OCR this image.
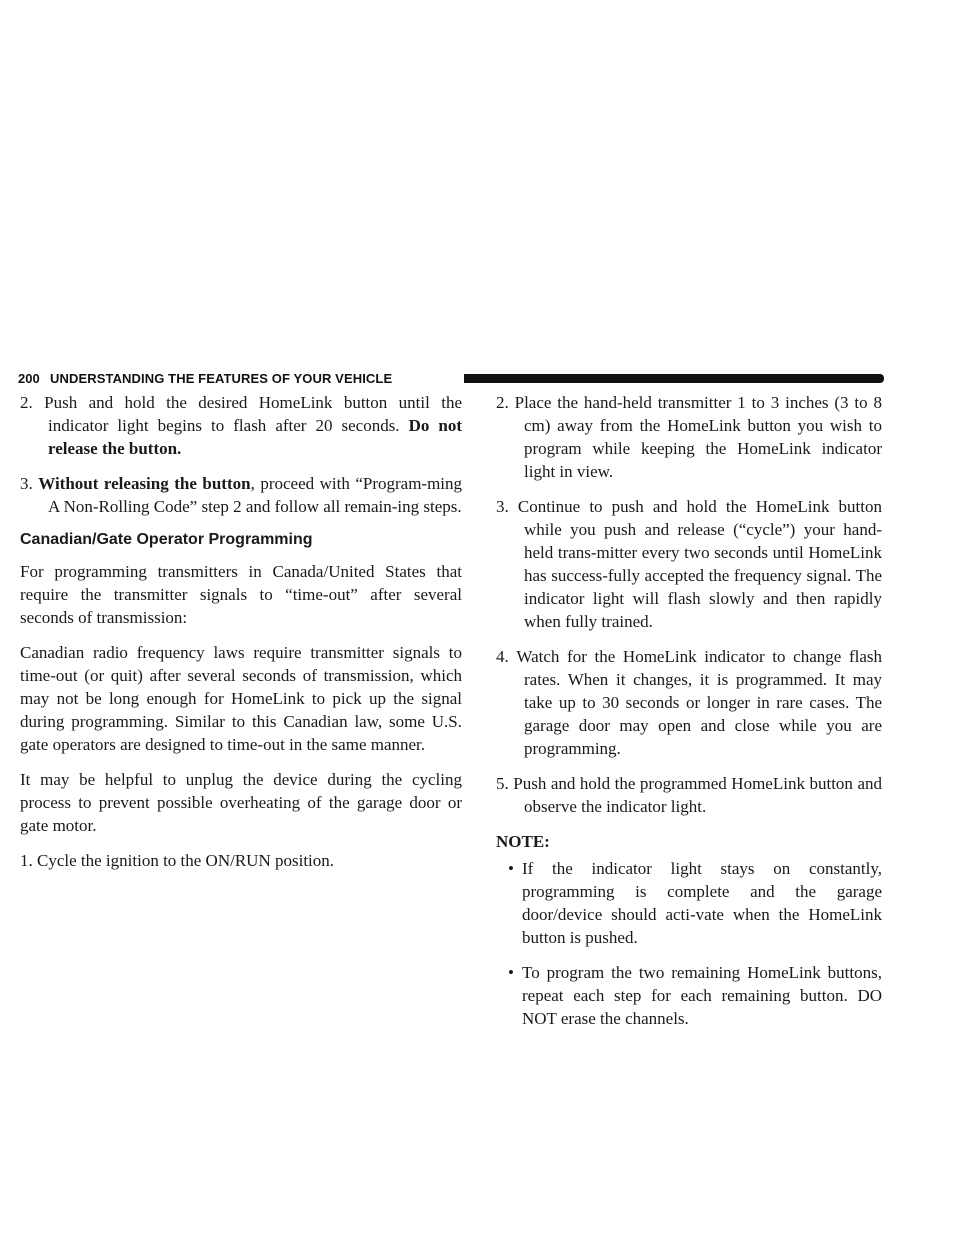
200 UNDERSTANDING THE FEATURES OF YOUR VEHICLE

2. Push and hold the desired HomeLink button until the indicator light begins to flash after 20 seconds. Do not release the button.

3. Without releasing the button, proceed with “Program-ming A Non-Rolling Code” step 2 and follow all remain-ing steps.

Canadian/Gate Operator Programming

For programming transmitters in Canada/United States that require the transmitter signals to “time-out” after several seconds of transmission:

Canadian radio frequency laws require transmitter signals to time-out (or quit) after several seconds of transmission, which may not be long enough for HomeLink to pick up the signal during programming. Similar to this Canadian law, some U.S. gate operators are designed to time-out in the same manner.

It may be helpful to unplug the device during the cycling process to prevent possible overheating of the garage door or gate motor.

1. Cycle the ignition to the ON/RUN position.

2. Place the hand-held transmitter 1 to 3 inches (3 to 8 cm) away from the HomeLink button you wish to program while keeping the HomeLink indicator light in view.

3. Continue to push and hold the HomeLink button while you push and release (“cycle”) your hand-held trans-mitter every two seconds until HomeLink has success-fully accepted the frequency signal. The indicator light will flash slowly and then rapidly when fully trained.

4. Watch for the HomeLink indicator to change flash rates. When it changes, it is programmed. It may take up to 30 seconds or longer in rare cases. The garage door may open and close while you are programming.

5. Push and hold the programmed HomeLink button and observe the indicator light.

NOTE:

• If the indicator light stays on constantly, programming is complete and the garage door/device should acti-vate when the HomeLink button is pushed.

• To program the two remaining HomeLink buttons, repeat each step for each remaining button. DO NOT erase the channels.
